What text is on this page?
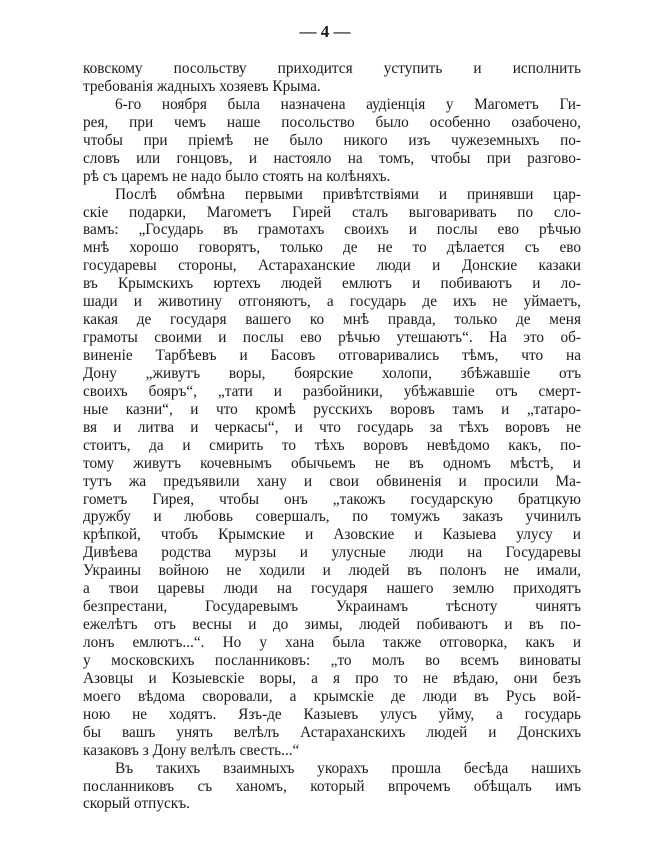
— 4 —
ковскому посольству приходится уступить и исполнить
требованія жадныхъ хозяевъ Крыма.
6-го ноября была назначена аудіенція у Магометъ Ги-
рея, при чемъ наше посольство было особенно озабочено,
чтобы при пріемѣ не было никого изъ чужеземныхъ по-
словъ или гонцовъ, и настояло на томъ, чтобы при разгово-
рѣ съ царемъ не надо было стоять на колѣняхъ.
Послѣ обмѣна первыми привѣтствіями и принявши цар-
скіе подарки, Магометъ Гирей сталъ выговаривать по сло-
вамъ: „Государь въ грамотахъ своихъ и послы ево рѣчью
мнѣ хорошо говорятъ, только де не то дѣлается съ ево
государевы стороны, Астараханские люди и Донские казаки
въ Крымскихъ юртехъ людей емлютъ и побиваютъ и ло-
шади и животину отгоняютъ, а государь де ихъ не уймаетъ,
какая де государя вашего ко мнѣ правда, только де меня
грамоты своими и послы ево рѣчью утешаютъ“. На это об-
виненіе Тарбѣевъ и Басовъ отговаривались тѣмъ, что на
Дону „живутъ воры, боярские холопи, збѣжавшіе отъ
своихъ бояръ“, „тати и разбойники, убѣжавшіе отъ смерт-
ные казни“, и что кромѣ русскихъ воровъ тамъ и „татаро-
вя и литва и черкасы“, и что государь за тѣхъ воровъ не
стоитъ, да и смирить то тѣхъ воровъ невѣдомо какъ, по-
тому живутъ кочевнымъ обычьемъ не въ одномъ мѣстѣ, и
тутъ жа предъявили хану и свои обвиненія и просили Ма-
гометъ Гирея, чтобы онъ „такожъ государскую братцкую
дружбу и любовь совершалъ, по томужъ заказъ учинилъ
крѣпкой, чтобъ Крымские и Азовские и Казыева улусу и
Дивѣева родства мурзы и улусные люди на Государевы
Украины войною не ходили и людей въ полонъ не имали,
а твои царевы люди на государя нашего землю приходятъ
безпрестани, Государевымъ Украинамъ тѣсноту чинятъ
ежелѣтъ отъ весны и до зимы, людей побиваютъ и въ по-
лонъ емлютъ...“. Но у хана была также отговорка, какъ и
у московскихъ посланниковъ: „то молъ во всемъ виноваты
Азовцы и Козыевскіе воры, а я про то не вѣдаю, они безъ
моего вѣдома своровали, а крымскіе де люди въ Русь вой-
ною не ходятъ. Язъ-де Казыевъ улусъ уйму, а государь
бы вашъ унять велѣлъ Астараханскихъ людей и Донскихъ
казаковъ з Дону велѣлъ свесть...“
Въ такихъ взаимныхъ укорахъ прошла бесѣда нашихъ
посланниковъ съ ханомъ, который впрочемъ обѣщалъ имъ
скорый отпускъ.
